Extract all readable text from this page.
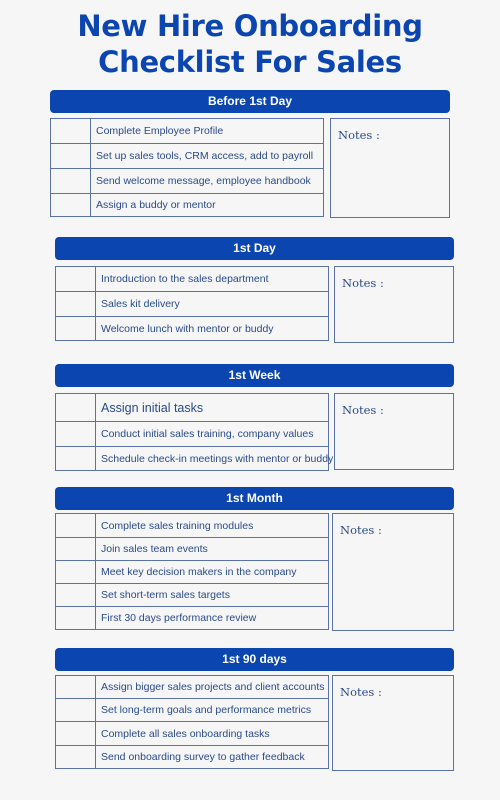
New Hire Onboarding
Checklist For Sales
Before 1st Day
Complete Employee Profile
Set up sales tools, CRM access, add to payroll
Send welcome message, employee handbook
Assign a buddy or mentor
Notes :
1st Day
Introduction to the sales department
Sales kit delivery
Welcome lunch with mentor or buddy
Notes :
1st Week
Assign initial tasks
Conduct initial sales training, company values
Schedule check-in meetings with mentor or buddy
Notes :
1st Month
Complete sales training modules
Join sales team events
Meet key decision makers in the company
Set short-term sales targets
First 30 days performance review
Notes :
1st 90 days
Assign bigger sales projects and client accounts
Set long-term goals and performance metrics
Complete all sales onboarding tasks
Send onboarding survey to gather feedback
Notes :
